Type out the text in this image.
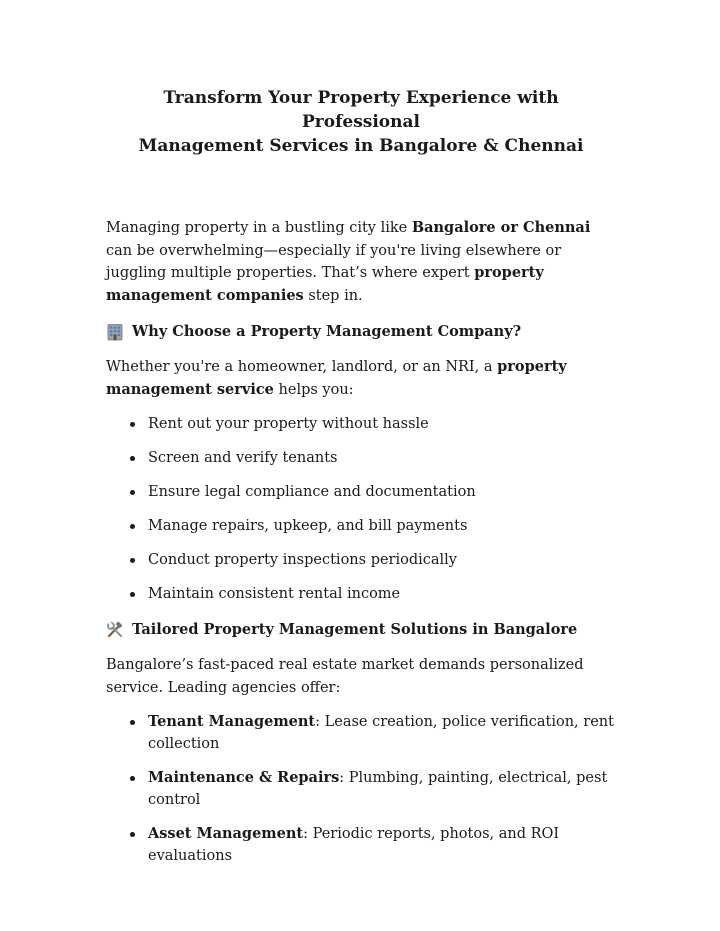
Transform Your Property Experience with Professional
Management Services in Bangalore & Chennai

Managing property in a bustling city like Bangalore or Chennai can be overwhelming—especially if you're living elsewhere or juggling multiple properties. That’s where expert property management companies step in.

Why Choose a Property Management Company?

Whether you're a homeowner, landlord, or an NRI, a property management service helps you:

Rent out your property without hassle
Screen and verify tenants
Ensure legal compliance and documentation
Manage repairs, upkeep, and bill payments
Conduct property inspections periodically
Maintain consistent rental income
Tailored Property Management Solutions in Bangalore

Bangalore’s fast-paced real estate market demands personalized service. Leading agencies offer:

Tenant Management: Lease creation, police verification, rent collection
Maintenance & Repairs: Plumbing, painting, electrical, pest control
Asset Management: Periodic reports, photos, and ROI evaluations
